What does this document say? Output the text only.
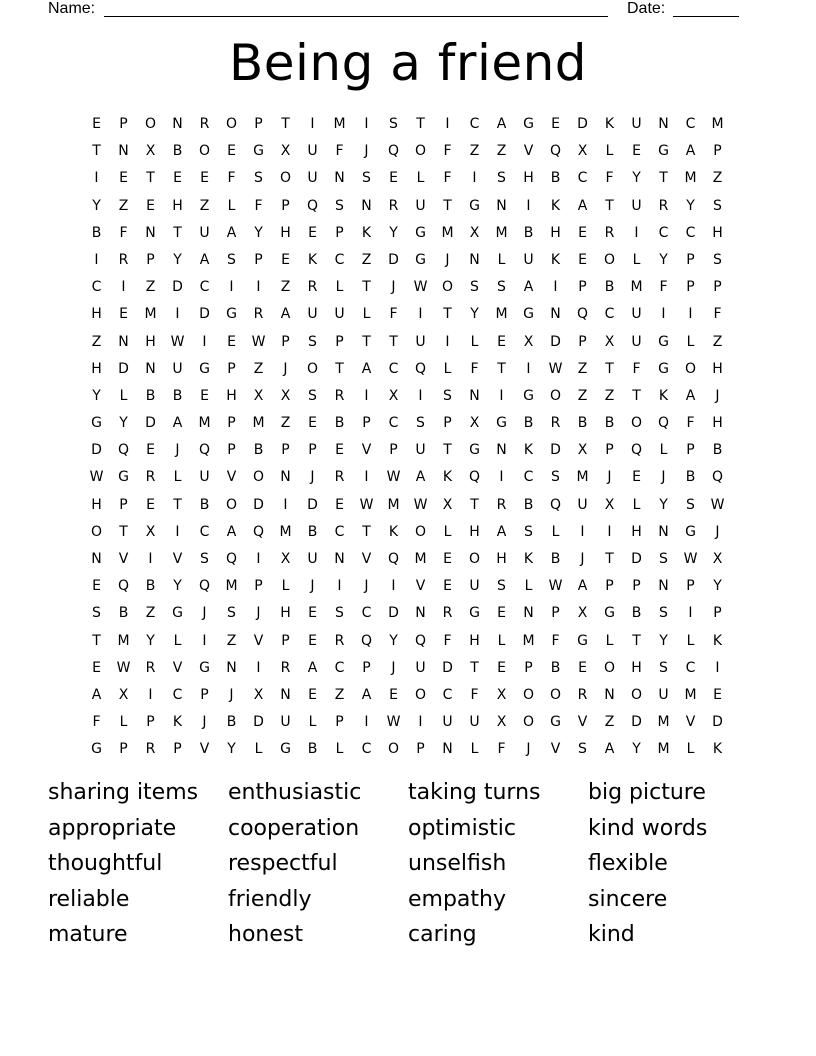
Name:	Date:
Being a friend
E	P	O	N	R	O	P	T	I	M	I	S	T	I	C	A	G	E	D	K	U	N	C	M
T	N	X	B	O	E	G	X	U	F	J	Q	O	F	Z	Z	V	Q	X	L	E	G	A	P
I	E	T	E	E	F	S	O	U	N	S	E	L	F	I	S	H	B	C	F	Y	T	M	Z
Y	Z	E	H	Z	L	F	P	Q	S	N	R	U	T	G	N	I	K	A	T	U	R	Y	S
B	F	N	T	U	A	Y	H	E	P	K	Y	G	M	X	M	B	H	E	R	I	C	C	H
I	R	P	Y	A	S	P	E	K	C	Z	D	G	J	N	L	U	K	E	O	L	Y	P	S
C	I	Z	D	C	I	I	Z	R	L	T	J	W	O	S	S	A	I	P	B	M	F	P	P
H	E	M	I	D	G	R	A	U	U	L	F	I	T	Y	M	G	N	Q	C	U	I	I	F
Z	N	H	W	I	E	W	P	S	P	T	T	U	I	L	E	X	D	P	X	U	G	L	Z
H	D	N	U	G	P	Z	J	O	T	A	C	Q	L	F	T	I	W	Z	T	F	G	O	H
Y	L	B	B	E	H	X	X	S	R	I	X	I	S	N	I	G	O	Z	Z	T	K	A	J
G	Y	D	A	M	P	M	Z	E	B	P	C	S	P	X	G	B	R	B	B	O	Q	F	H
D	Q	E	J	Q	P	B	P	P	E	V	P	U	T	G	N	K	D	X	P	Q	L	P	B
W	G	R	L	U	V	O	N	J	R	I	W	A	K	Q	I	C	S	M	J	E	J	B	Q
H	P	E	T	B	O	D	I	D	E	W	M	W	X	T	R	B	Q	U	X	L	Y	S	W
O	T	X	I	C	A	Q	M	B	C	T	K	O	L	H	A	S	L	I	I	H	N	G	J
N	V	I	V	S	Q	I	X	U	N	V	Q	M	E	O	H	K	B	J	T	D	S	W	X
E	Q	B	Y	Q	M	P	L	J	I	J	I	V	E	U	S	L	W	A	P	P	N	P	Y
S	B	Z	G	J	S	J	H	E	S	C	D	N	R	G	E	N	P	X	G	B	S	I	P
T	M	Y	L	I	Z	V	P	E	R	Q	Y	Q	F	H	L	M	F	G	L	T	Y	L	K
E	W	R	V	G	N	I	R	A	C	P	J	U	D	T	E	P	B	E	O	H	S	C	I
A	X	I	C	P	J	X	N	E	Z	A	E	O	C	F	X	O	O	R	N	O	U	M	E
F	L	P	K	J	B	D	U	L	P	I	W	I	U	U	X	O	G	V	Z	D	M	V	D
G	P	R	P	V	Y	L	G	B	L	C	O	P	N	L	F	J	V	S	A	Y	M	L	K
sharing items	enthusiastic	taking turns	big picture
appropriate	cooperation	optimistic	kind words
thoughtful	respectful	unselfish	flexible
reliable	friendly	empathy	sincere
mature	honest	caring	kind
